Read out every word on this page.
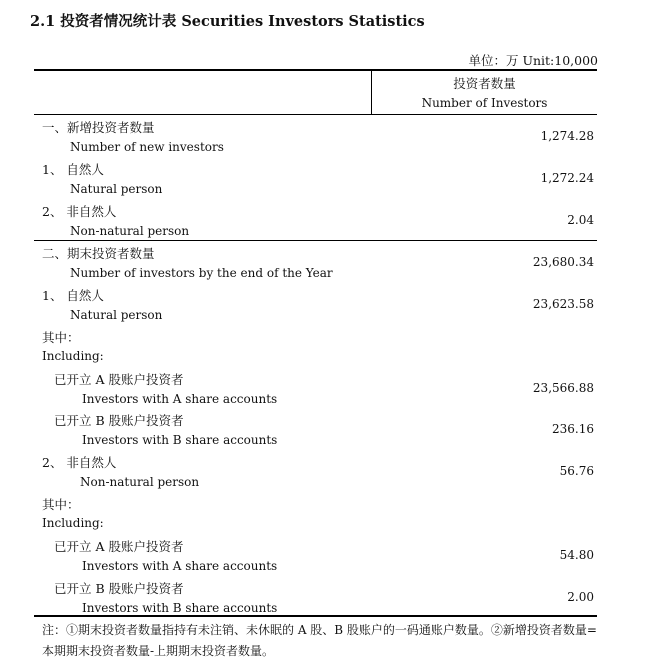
2.1 投资者情况统计表 Securities Investors Statistics
单位：万 Unit:10,000
投资者数量
Number of Investors
一、新增投资者数量
Number of new investors
1,274.28
1、 自然人
Natural person
1,272.24
2、 非自然人
Non-natural person
2.04
二、期末投资者数量
Number of investors by the end of the Year
23,680.34
1、 自然人
Natural person
23,623.58
其中：
Including:
已开立 A 股账户投资者
Investors with A share accounts
23,566.88
已开立 B 股账户投资者
Investors with B share accounts
236.16
2、 非自然人
Non-natural person
56.76
其中：
Including:
已开立 A 股账户投资者
Investors with A share accounts
54.80
已开立 B 股账户投资者
Investors with B share accounts
2.00
注：①期末投资者数量指持有未注销、未休眠的 A 股、B 股账户的一码通账户数量。②新增投资者数量=本期期末投资者数量-上期期末投资者数量。
